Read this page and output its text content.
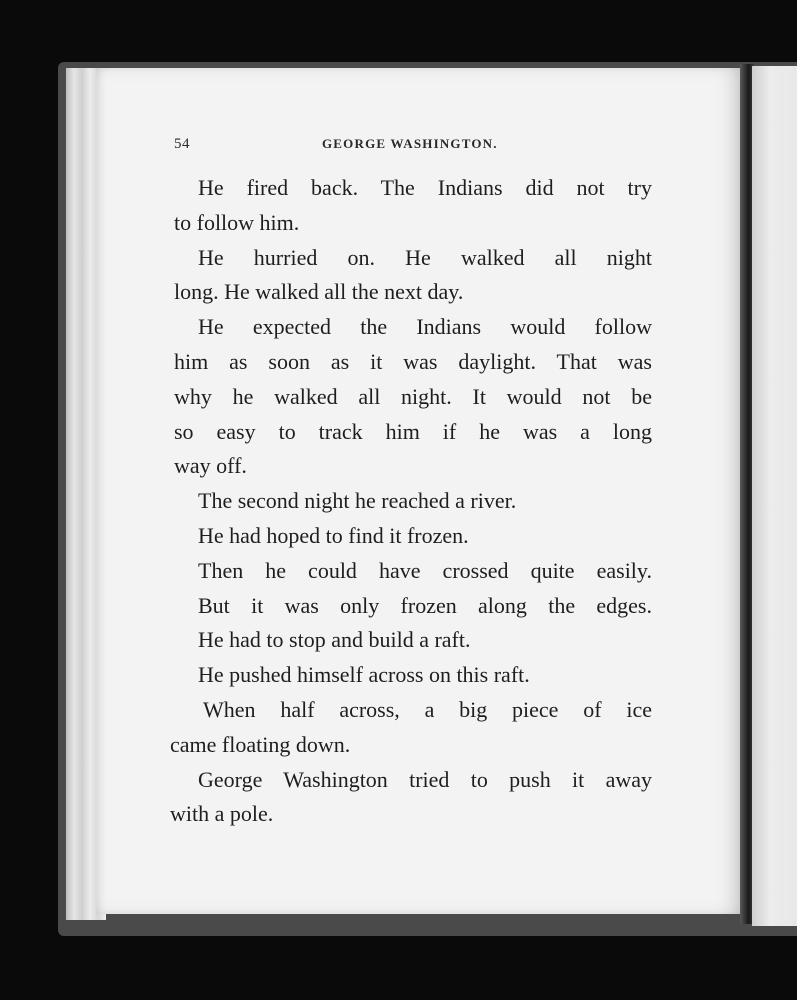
54	GEORGE WASHINGTON.
He fired back. The Indians did not try
to follow him.
He hurried on. He walked all night
long. He walked all the next day.
He expected the Indians would follow
him as soon as it was daylight. That was
why he walked all night. It would not be
so easy to track him if he was a long
way off.
The second night he reached a river.
He had hoped to find it frozen.
Then he could have crossed quite easily.
But it was only frozen along the edges.
He had to stop and build a raft.
He pushed himself across on this raft.
When half across, a big piece of ice
came floating down.
George Washington tried to push it away
with a pole.
